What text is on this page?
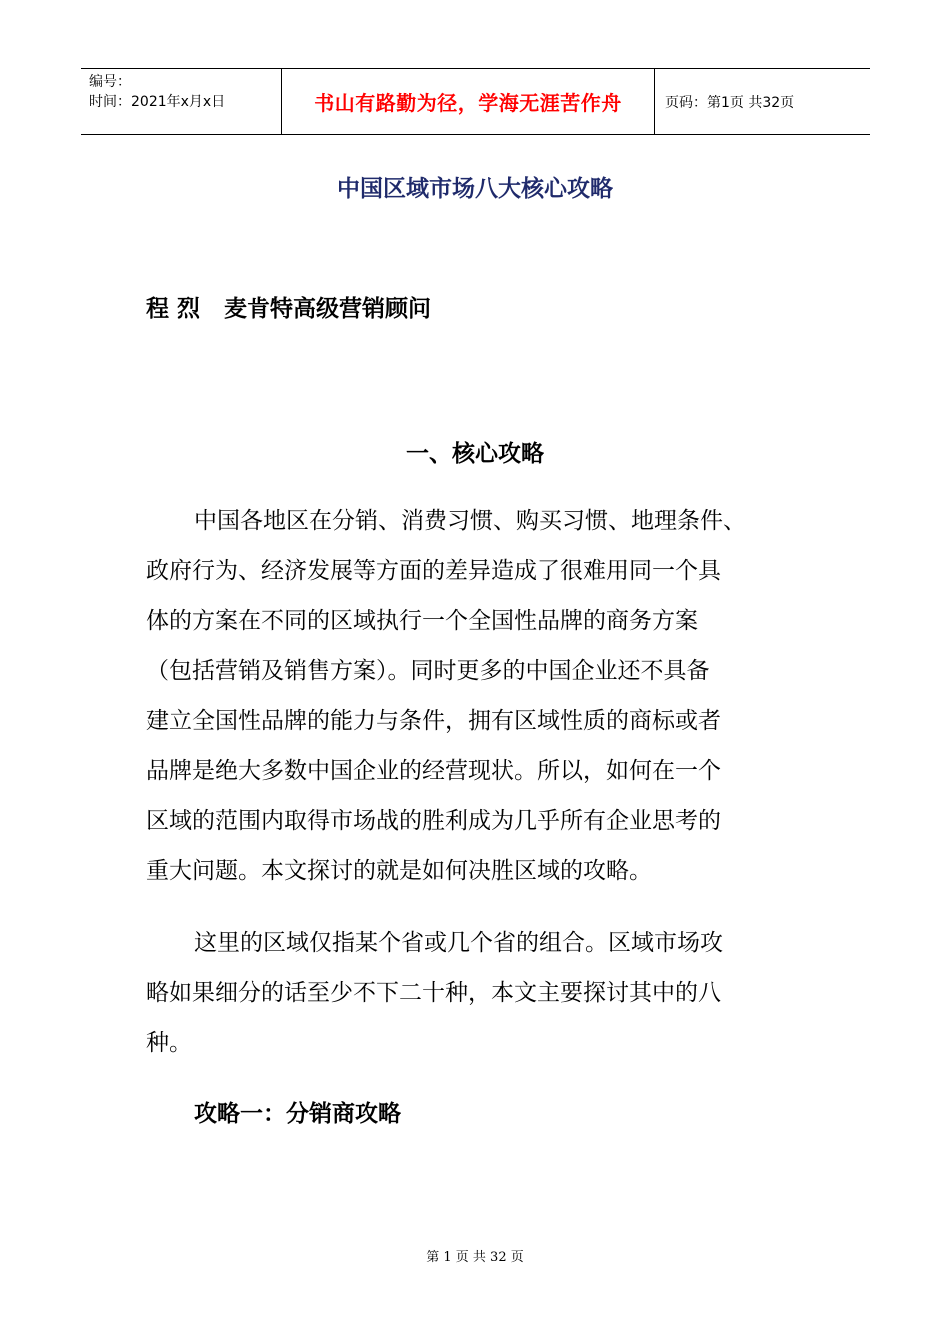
编号：
时间：2021年x月x日	书山有路勤为径，学海无涯苦作舟	页码：第1页 共32页
中国区域市场八大核心攻略
程 烈   麦肯特高级营销顾问
一、核心攻略
中国各地区在分销、消费习惯、购买习惯、地理条件、
政府行为、经济发展等方面的差异造成了很难用同一个具
体的方案在不同的区域执行一个全国性品牌的商务方案
（包括营销及销售方案）。同时更多的中国企业还不具备
建立全国性品牌的能力与条件，拥有区域性质的商标或者
品牌是绝大多数中国企业的经营现状。所以，如何在一个
区域的范围内取得市场战的胜利成为几乎所有企业思考的
重大问题。本文探讨的就是如何决胜区域的攻略。
这里的区域仅指某个省或几个省的组合。区域市场攻
略如果细分的话至少不下二十种，本文主要探讨其中的八
种。
攻略一：分销商攻略
第 1 页 共 32 页
